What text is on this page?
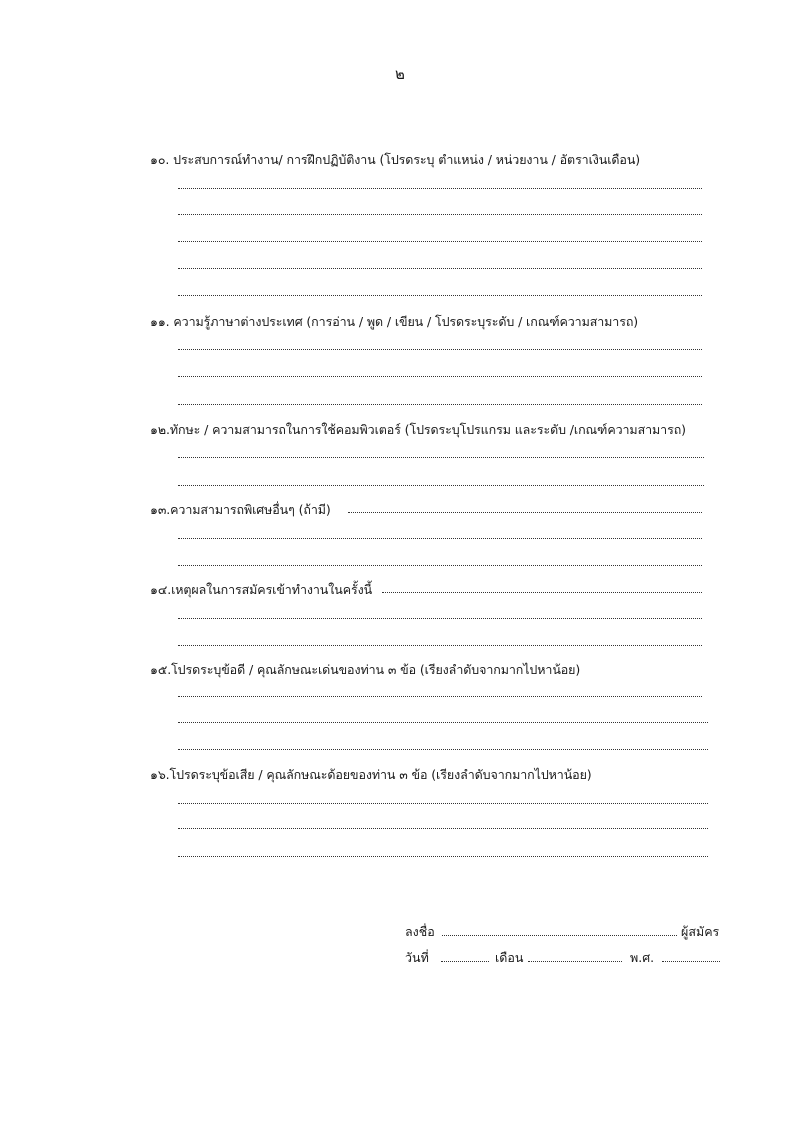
๒
๑๐. ประสบการณ์ทำงาน/ การฝึกปฏิบัติงาน (โปรดระบุ ตำแหน่ง / หน่วยงาน / อัตราเงินเดือน)
๑๑. ความรู้ภาษาต่างประเทศ (การอ่าน / พูด / เขียน / โปรดระบุระดับ / เกณฑ์ความสามารถ)
๑๒.ทักษะ / ความสามารถในการใช้คอมพิวเตอร์ (โปรดระบุโปรแกรม และระดับ /เกณฑ์ความสามารถ)
๑๓.ความสามารถพิเศษอื่นๆ (ถ้ามี)
๑๔.เหตุผลในการสมัครเข้าทำงานในครั้งนี้
๑๕.โปรดระบุข้อดี / คุณลักษณะเด่นของท่าน ๓ ข้อ (เรียงลำดับจากมากไปหาน้อย)
๑๖.โปรดระบุข้อเสีย / คุณลักษณะด้อยของท่าน ๓ ข้อ (เรียงลำดับจากมากไปหาน้อย)
ลงชื่อ	ผู้สมัคร
วันที่	เดือน	พ.ศ.
